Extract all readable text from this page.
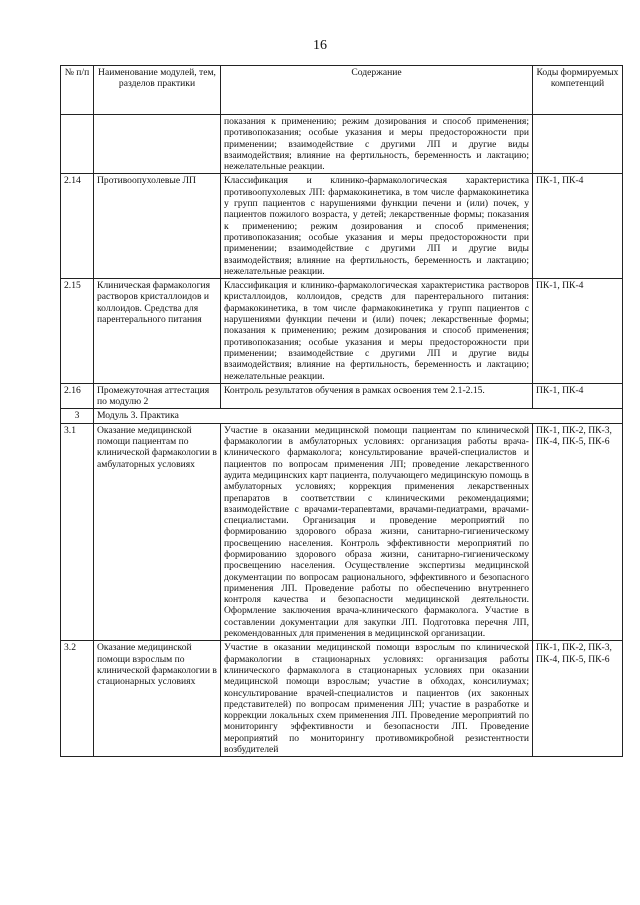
16
№ п/п	Наименование модулей, тем, разделов практики	Содержание	Коды формируемых компетенций
		показания к применению; режим дозирования и способ применения; противопоказания; особые указания и меры предосторожности при применении; взаимодействие с другими ЛП и другие виды взаимодействия; влияние на фертильность, беременность и лактацию; нежелательные реакции.	
2.14	Противоопухолевые ЛП	Классификация и клинико-фармакологическая характеристика противоопухолевых ЛП: фармакокинетика, в том числе фармакокинетика у групп пациентов с нарушениями функции печени и (или) почек, у пациентов пожилого возраста, у детей; лекарственные формы; показания к применению; режим дозирования и способ применения; противопоказания; особые указания и меры предосторожности при применении; взаимодействие с другими ЛП и другие виды взаимодействия; влияние на фертильность, беременность и лактацию; нежелательные реакции.	ПК-1, ПК-4
2.15	Клиническая фармакология растворов кристаллоидов и коллоидов. Средства для парентерального питания	Классификация и клинико-фармакологическая характеристика растворов кристаллоидов, коллоидов, средств для парентерального питания: фармакокинетика, в том числе фармакокинетика у групп пациентов с нарушениями функции печени и (или) почек; лекарственные формы; показания к применению; режим дозирования и способ применения; противопоказания; особые указания и меры предосторожности при применении; взаимодействие с другими ЛП и другие виды взаимодействия; влияние на фертильность, беременность и лактацию; нежелательные реакции.	ПК-1, ПК-4
2.16	Промежуточная аттестация по модулю 2	Контроль результатов обучения в рамках освоения тем 2.1-2.15.	ПК-1, ПК-4
3	Модуль 3. Практика		
3.1	Оказание медицинской помощи пациентам по клинической фармакологии в амбулаторных условиях	Участие в оказании медицинской помощи пациентам по клинической фармакологии в амбулаторных условиях: организация работы врача-клинического фармаколога; консультирование врачей-специалистов и пациентов по вопросам применения ЛП; проведение лекарственного аудита медицинских карт пациента, получающего медицинскую помощь в амбулаторных условиях; коррекция применения лекарственных препаратов в соответствии с клиническими рекомендациями; взаимодействие с врачами-терапевтами, врачами-педиатрами, врачами-специалистами. Организация и проведение мероприятий по формированию здорового образа жизни, санитарно-гигиеническому просвещению населения. Контроль эффективности мероприятий по формированию здорового образа жизни, санитарно-гигиеническому просвещению населения. Осуществление экспертизы медицинской документации по вопросам рационального, эффективного и безопасного применения ЛП. Проведение работы по обеспечению внутреннего контроля качества и безопасности медицинской деятельности. Оформление заключения врача-клинического фармаколога. Участие в составлении документации для закупки ЛП. Подготовка перечня ЛП, рекомендованных для применения в медицинской организации.	ПК-1, ПК-2, ПК-3, ПК-4, ПК-5, ПК-6
3.2	Оказание медицинской помощи взрослым по клинической фармакологии в стационарных условиях	Участие в оказании медицинской помощи взрослым по клинической фармакологии в стационарных условиях: организация работы клинического фармаколога в стационарных условиях при оказании медицинской помощи взрослым; участие в обходах, консилиумах; консультирование врачей-специалистов и пациентов (их законных представителей) по вопросам применения ЛП; участие в разработке и коррекции локальных схем применения ЛП. Проведение мероприятий по мониторингу эффективности и безопасности ЛП. Проведение мероприятий по мониторингу противомикробной резистентности возбудителей	ПК-1, ПК-2, ПК-3, ПК-4, ПК-5, ПК-6
